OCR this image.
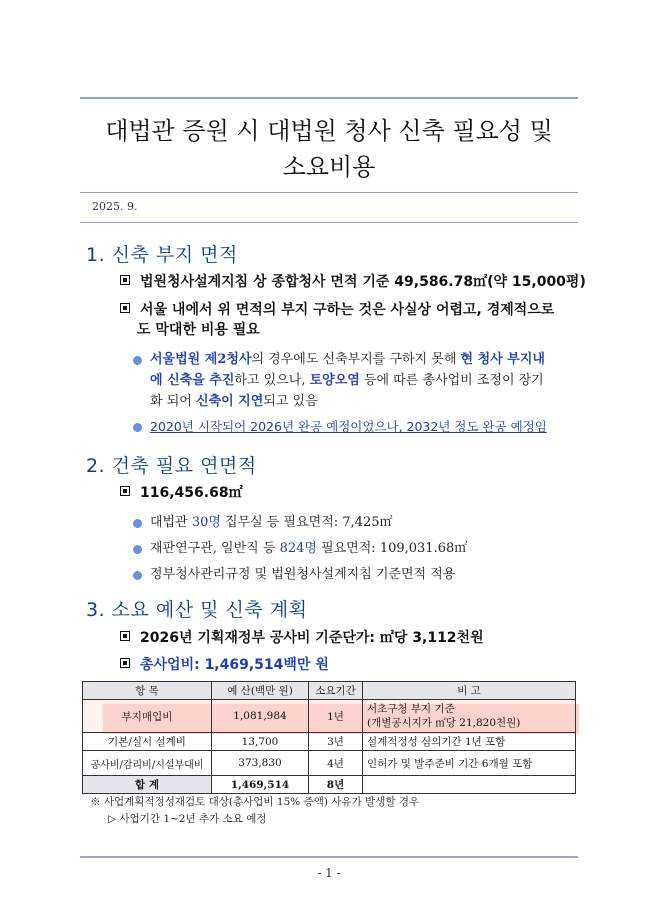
대법관 증원 시 대법원 청사 신축 필요성 및
소요비용
2025. 9.
1. 신축 부지 면적
법원청사설계지침 상 종합청사 면적 기준 49,586.78㎡(약 15,000평)
서울 내에서 위 면적의 부지 구하는 것은 사실상 어렵고, 경제적으로
도 막대한 비용 필요
서울법원 제2청사의 경우에도 신축부지를 구하지 못해 현 청사 부지내
에 신축을 추진하고 있으나, 토양오염 등에 따른 총사업비 조정이 장기
화 되어 신축이 지연되고 있음
2020년 시작되어 2026년 완공 예정이었으나, 2032년 정도 완공 예정임
2. 건축 필요 연면적
116,456.68㎡
대법관 30명 집무실 등 필요면적: 7,425㎡
재판연구관, 일반직 등 824명 필요면적: 109,031.68㎡
정부청사관리규정 및 법원청사설계지침 기준면적 적용
3. 소요 예산 및 신축 계획
2026년 기획재정부 공사비 기준단가: ㎡당 3,112천원
총사업비: 1,469,514백만 원
항 목	예 산(백만 원)	소요기간	비 고
부지매입비	1,081,984	1년	서초구청 부지 기준
(개별공시지가 ㎡당 21,820천원)
기본/실시 설계비	13,700	3년	설계적정성 심의기간 1년 포함
공사비/감리비/시설부대비	373,830	4년	인허가 및 발주준비 기간 6개월 포함
합 계	1,469,514	8년	
※ 사업계획적정성재검토 대상(총사업비 15% 증액) 사유가 발생할 경우
▷ 사업기간 1~2년 추가 소요 예정
- 1 -
